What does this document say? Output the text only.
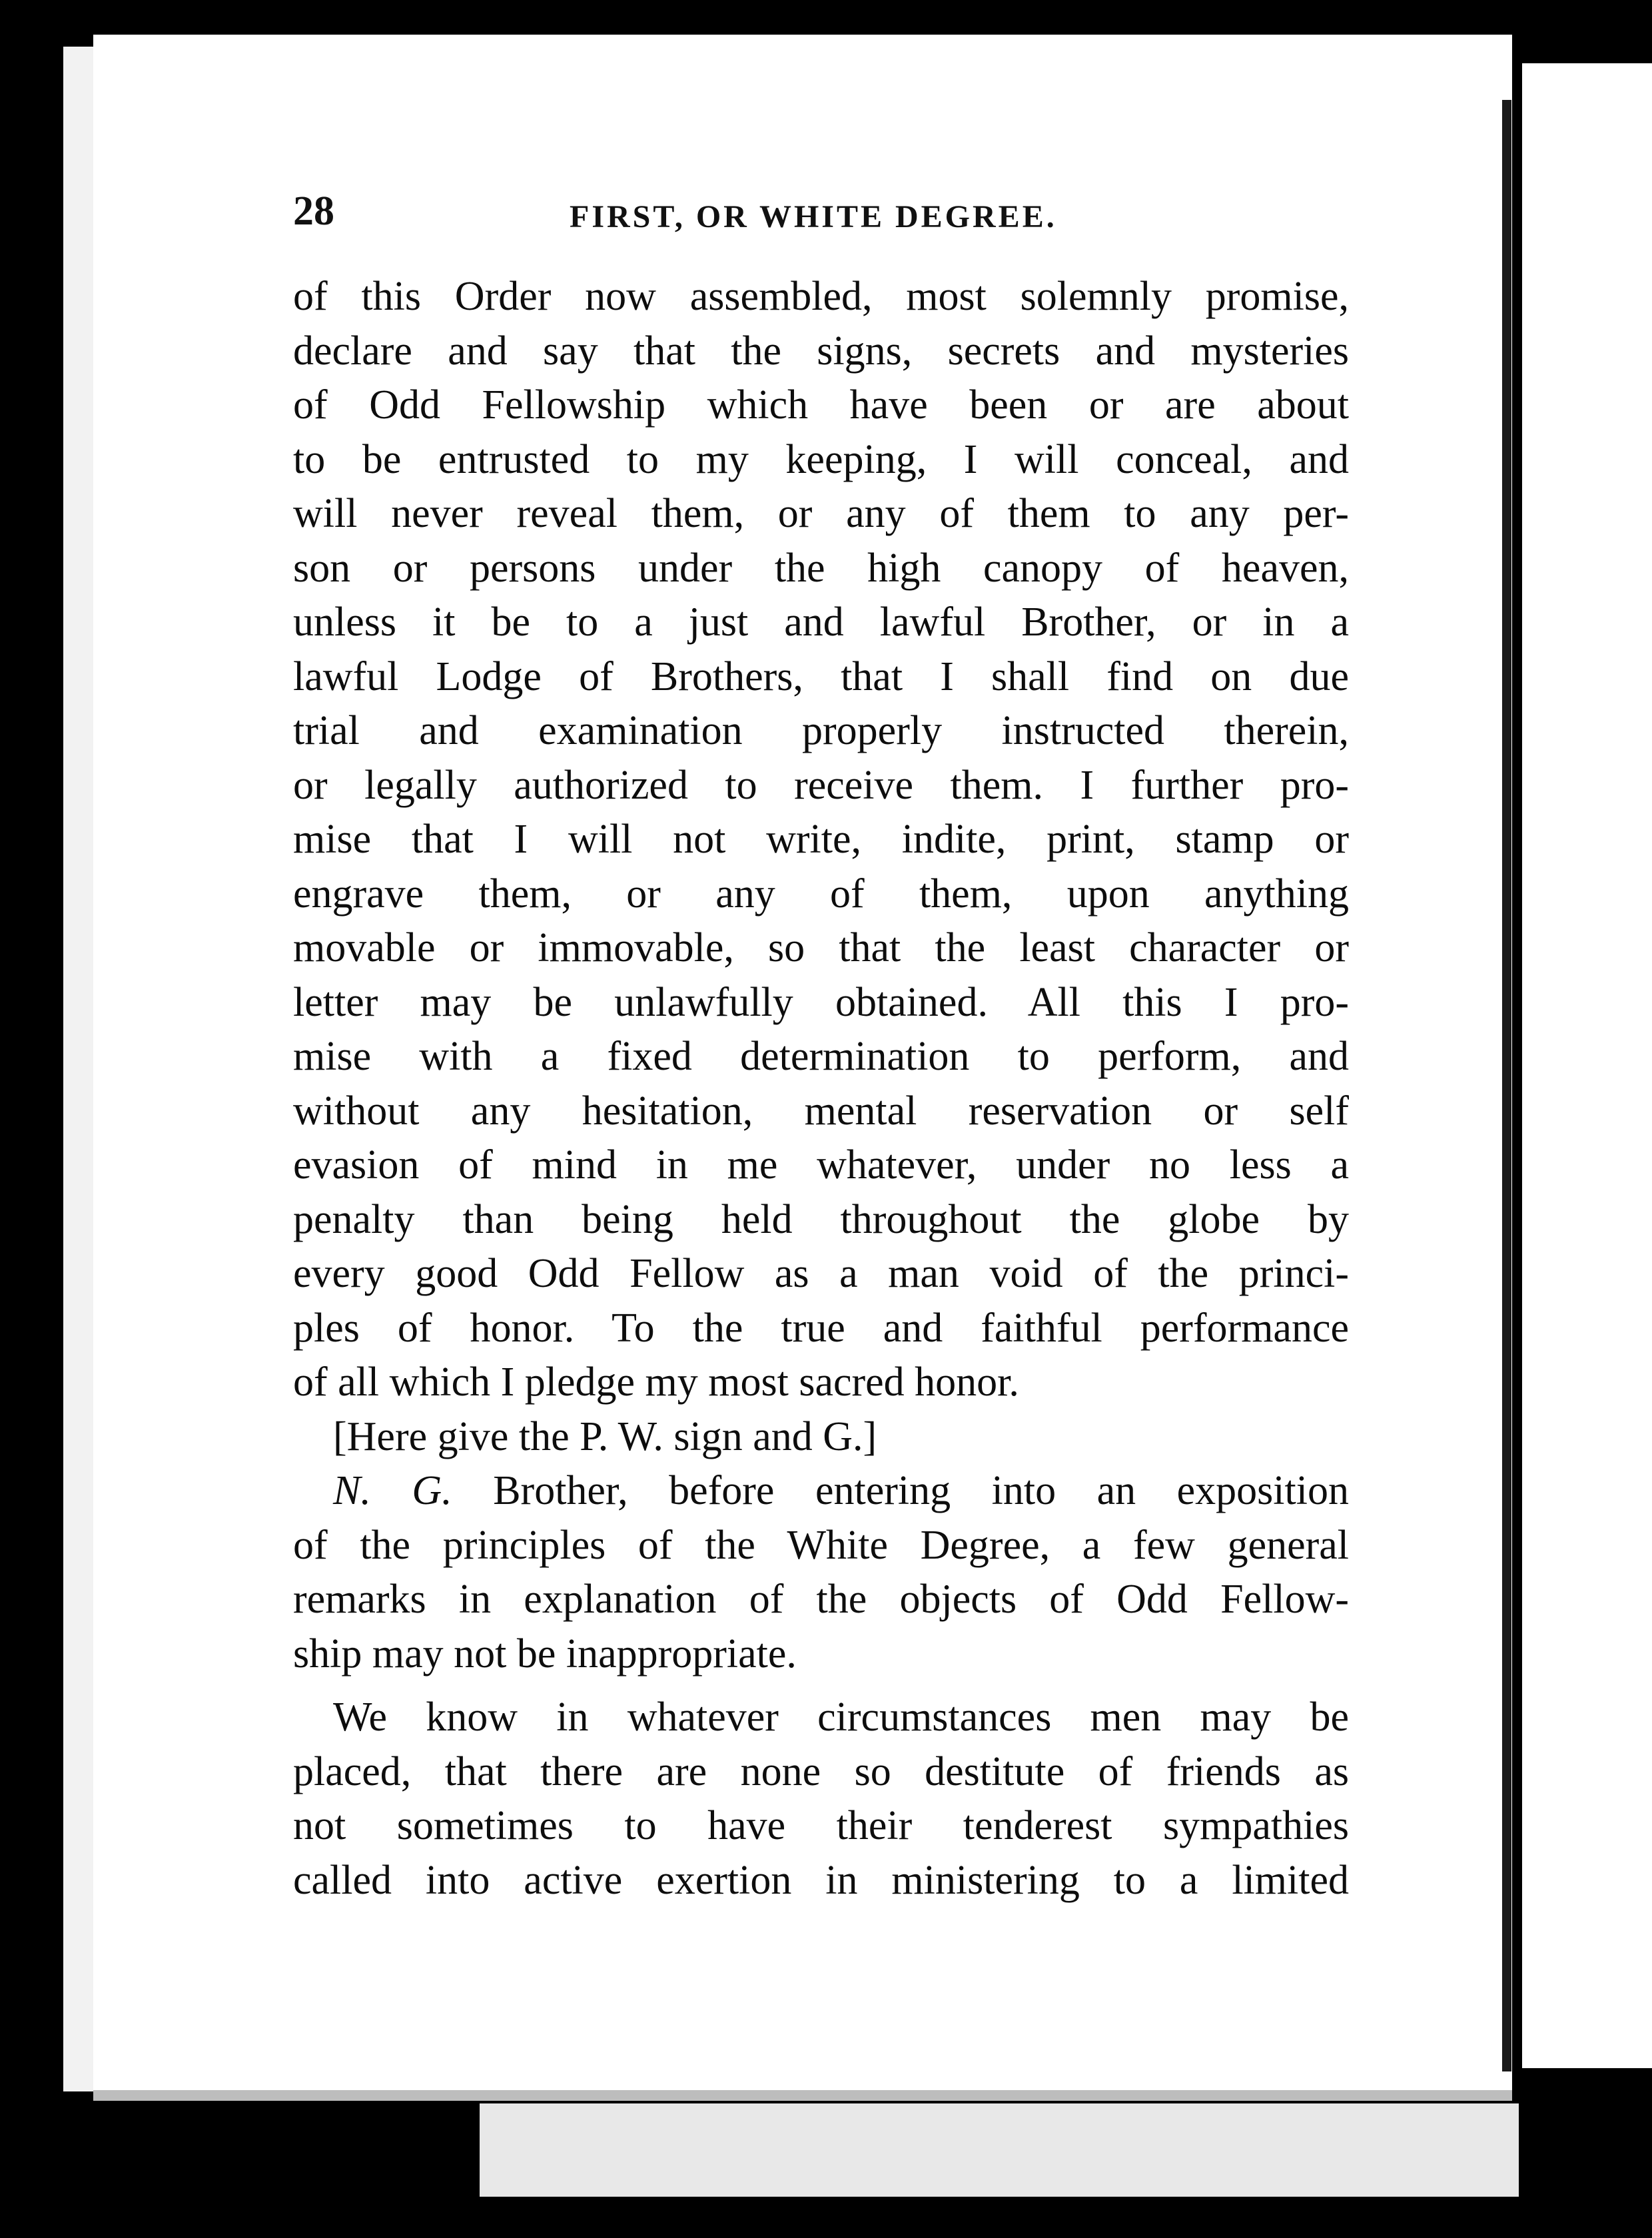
28	FIRST, OR WHITE DEGREE.
of this Order now assembled, most solemnly promise,
declare and say that the signs, secrets and mysteries
of Odd Fellowship which have been or are about
to be entrusted to my keeping, I will conceal, and
will never reveal them, or any of them to any per-
son or persons under the high canopy of heaven,
unless it be to a just and lawful Brother, or in a
lawful Lodge of Brothers, that I shall find on due
trial and examination properly instructed therein,
or legally authorized to receive them. I further pro-
mise that I will not write, indite, print, stamp or
engrave them, or any of them, upon anything
movable or immovable, so that the least character or
letter may be unlawfully obtained. All this I pro-
mise with a fixed determination to perform, and
without any hesitation, mental reservation or self
evasion of mind in me whatever, under no less a
penalty than being held throughout the globe by
every good Odd Fellow as a man void of the princi-
ples of honor. To the true and faithful performance
of all which I pledge my most sacred honor.
[Here give the P. W. sign and G.]
N. G. Brother, before entering into an exposition
of the principles of the White Degree, a few general
remarks in explanation of the objects of Odd Fellow-
ship may not be inappropriate.
We know in whatever circumstances men may be
placed, that there are none so destitute of friends as
not sometimes to have their tenderest sympathies
called into active exertion in ministering to a limited
